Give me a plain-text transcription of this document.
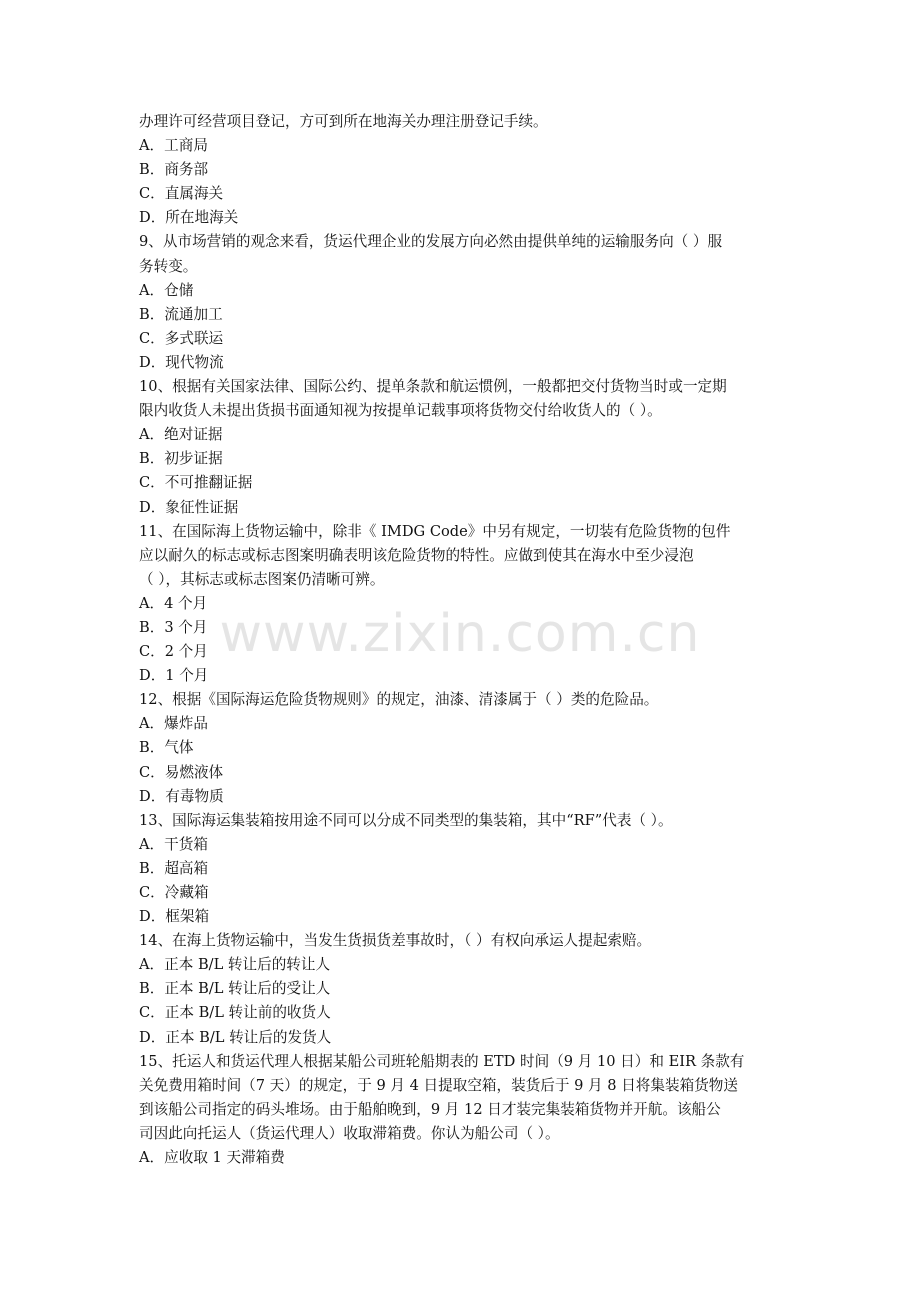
办理许可经营项目登记，方可到所在地海关办理注册登记手续。
A．工商局
B．商务部
C．直属海关
D．所在地海关
9、从市场营销的观念来看，货运代理企业的发展方向必然由提供单纯的运输服务向（ ）服
务转变。
A．仓储
B．流通加工
C．多式联运
D．现代物流
10、根据有关国家法律、国际公约、提单条款和航运惯例，一般都把交付货物当时或一定期
限内收货人未提出货损书面通知视为按提单记载事项将货物交付给收货人的（ ）。
A．绝对证据
B．初步证据
C．不可推翻证据
D．象征性证据
11、在国际海上货物运输中，除非《 IMDG Code》中另有规定，一切装有危险货物的包件
应以耐久的标志或标志图案明确表明该危险货物的特性。应做到使其在海水中至少浸泡
（ ），其标志或标志图案仍清晰可辨。
A．4 个月
B．3 个月
C．2 个月
D．1 个月
12、根据《国际海运危险货物规则》的规定，油漆、清漆属于（ ）类的危险品。
A．爆炸品
B．气体
C．易燃液体
D．有毒物质
13、国际海运集装箱按用途不同可以分成不同类型的集装箱，其中“RF”代表（ ）。
A．干货箱
B．超高箱
C．冷藏箱
D．框架箱
14、在海上货物运输中，当发生货损货差事故时，（ ）有权向承运人提起索赔。
A．正本 B/L 转让后的转让人
B．正本 B/L 转让后的受让人
C．正本 B/L 转让前的收货人
D．正本 B/L 转让后的发货人
15、托运人和货运代理人根据某船公司班轮船期表的 ETD 时间（9 月 10 日）和 EIR 条款有
关免费用箱时间（7 天）的规定，于 9 月 4 日提取空箱，装货后于 9 月 8 日将集装箱货物送
到该船公司指定的码头堆场。由于船舶晚到，9 月 12 日才装完集装箱货物并开航。该船公
司因此向托运人（货运代理人）收取滞箱费。你认为船公司（ ）。
A．应收取 1 天滞箱费
www.zixin.com.cn
